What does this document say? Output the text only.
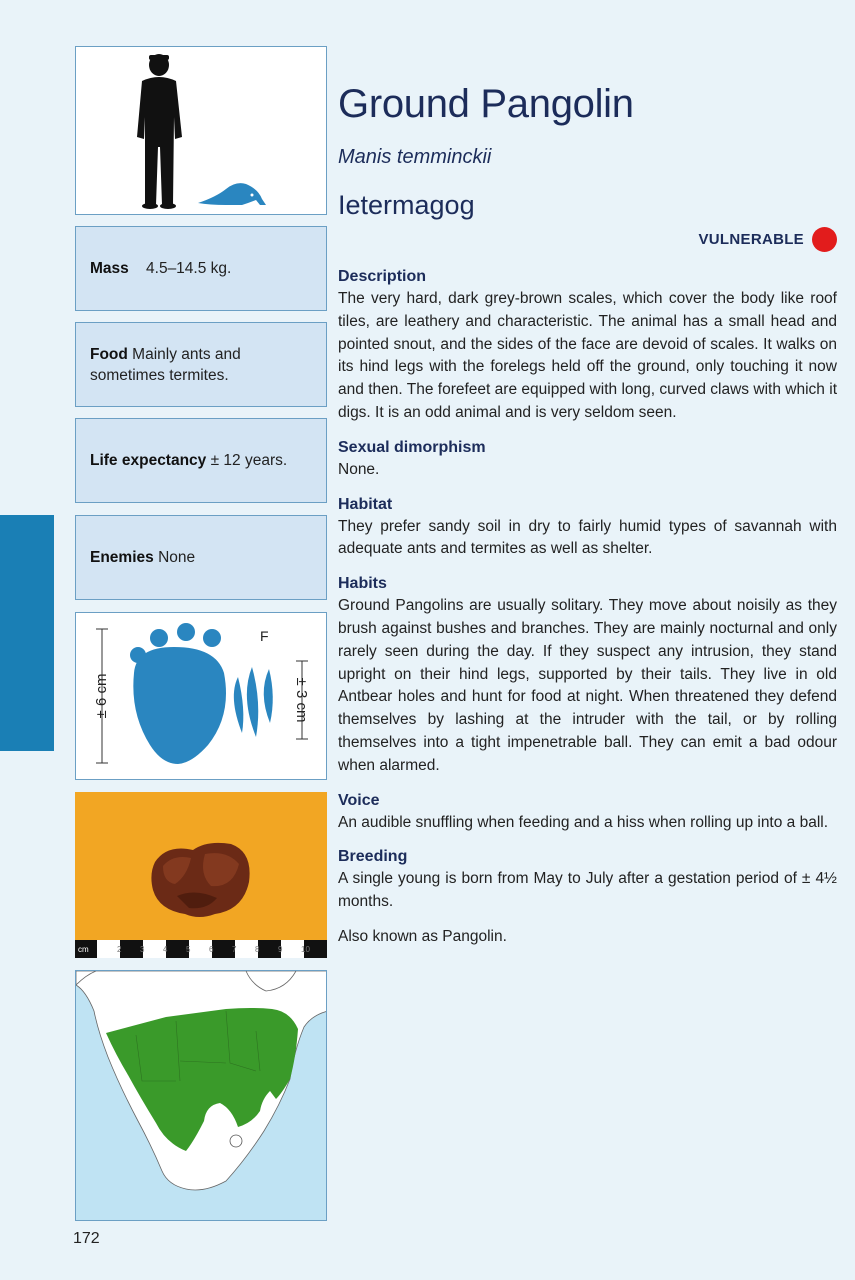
Mass 4.5–14.5 kg.
Food Mainly ants and sometimes termites.
Life expectancy ± 12 years.
Enemies None
± 6 cm	± 3 cm
F
cm	2 3 4 5 6 7 8 9 10
Ground Pangolin
Manis temminckii
Ietermagog
VULNERABLE
Description

The very hard, dark grey-brown scales, which cover the body like roof tiles, are leathery and characteristic. The animal has a small head and pointed snout, and the sides of the face are devoid of scales. It walks on its hind legs with the forelegs held off the ground, only touching it now and then. The forefeet are equipped with long, curved claws with which it digs. It is an odd animal and is very seldom seen.

Sexual dimorphism

None.

Habitat

They prefer sandy soil in dry to fairly humid types of savannah with adequate ants and termites as well as shelter.

Habits

Ground Pangolins are usually solitary. They move about noisily as they brush against bushes and branches. They are mainly nocturnal and only rarely seen during the day. If they suspect any intrusion, they stand upright on their hind legs, supported by their tails. They live in old Antbear holes and hunt for food at night. When threatened they defend themselves by lashing at the intruder with the tail, or by rolling themselves into a tight impenetrable ball. They can emit a bad odour when alarmed.

Voice

An audible snuffling when feeding and a hiss when rolling up into a ball.

Breeding

A single young is born from May to July after a gestation period of ± 4½ months.

Also known as Pangolin.

172
